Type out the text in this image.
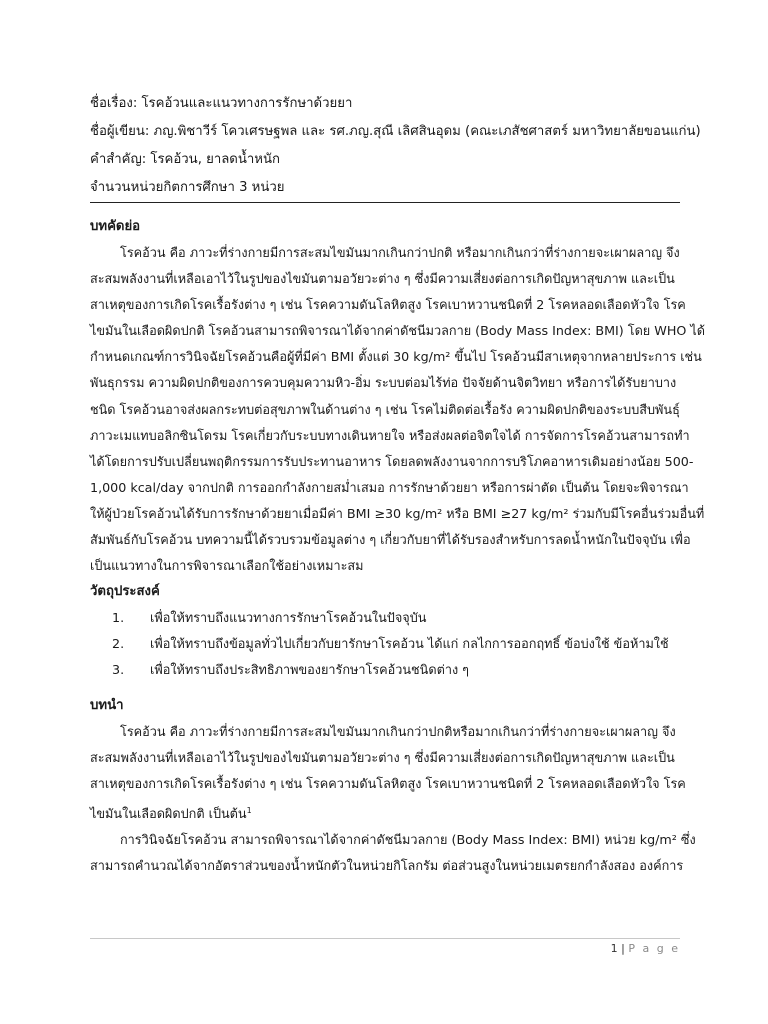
ชื่อเรื่อง: โรคอ้วนและแนวทางการรักษาด้วยยา
ชื่อผู้เขียน: ภญ.พิชาวีร์ โควเศรษฐพล และ รศ.ภญ.สุณี เลิศสินอุดม (คณะเภสัชศาสตร์ มหาวิทยาลัยขอนแก่น)
คำสำคัญ: โรคอ้วน, ยาลดน้ำหนัก
จำนวนหน่วยกิตการศึกษา 3 หน่วย
บทคัดย่อ

โรคอ้วน คือ ภาวะที่ร่างกายมีการสะสมไขมันมากเกินกว่าปกติ หรือมากเกินกว่าที่ร่างกายจะเผาผลาญ จึง
สะสมพลังงานที่เหลือเอาไว้ในรูปของไขมันตามอวัยวะต่าง ๆ ซึ่งมีความเสี่ยงต่อการเกิดปัญหาสุขภาพ และเป็น
สาเหตุของการเกิดโรคเรื้อรังต่าง ๆ เช่น โรคความดันโลหิตสูง โรคเบาหวานชนิดที่ 2 โรคหลอดเลือดหัวใจ โรค
ไขมันในเลือดผิดปกติ โรคอ้วนสามารถพิจารณาได้จากค่าดัชนีมวลกาย (Body Mass Index: BMI) โดย WHO ได้
กำหนดเกณฑ์การวินิจฉัยโรคอ้วนคือผู้ที่มีค่า BMI ตั้งแต่ 30 kg/m² ขึ้นไป โรคอ้วนมีสาเหตุจากหลายประการ เช่น
พันธุกรรม ความผิดปกติของการควบคุมความหิว-อิ่ม ระบบต่อมไร้ท่อ ปัจจัยด้านจิตวิทยา หรือการได้รับยาบาง
ชนิด โรคอ้วนอาจส่งผลกระทบต่อสุขภาพในด้านต่าง ๆ เช่น โรคไม่ติดต่อเรื้อรัง ความผิดปกติของระบบสืบพันธุ์
ภาวะเมแทบอลิกซินโดรม โรคเกี่ยวกับระบบทางเดินหายใจ หรือส่งผลต่อจิตใจได้ การจัดการโรคอ้วนสามารถทำ
ได้โดยการปรับเปลี่ยนพฤติกรรมการรับประทานอาหาร โดยลดพลังงานจากการบริโภคอาหารเดิมอย่างน้อย 500-
1,000 kcal/day จากปกติ การออกกำลังกายสม่ำเสมอ การรักษาด้วยยา หรือการผ่าตัด เป็นต้น โดยจะพิจารณา
ให้ผู้ป่วยโรคอ้วนได้รับการรักษาด้วยยาเมื่อมีค่า BMI ≥30 kg/m² หรือ BMI ≥27 kg/m² ร่วมกับมีโรคอื่นร่วมอื่นที่
สัมพันธ์กับโรคอ้วน บทความนี้ได้รวบรวมข้อมูลต่าง ๆ เกี่ยวกับยาที่ได้รับรองสำหรับการลดน้ำหนักในปัจจุบัน เพื่อ
เป็นแนวทางในการพิจารณาเลือกใช้อย่างเหมาะสม

วัตถุประสงค์
1. เพื่อให้ทราบถึงแนวทางการรักษาโรคอ้วนในปัจจุบัน
2. เพื่อให้ทราบถึงข้อมูลทั่วไปเกี่ยวกับยารักษาโรคอ้วน ได้แก่ กลไกการออกฤทธิ์ ข้อบ่งใช้ ข้อห้ามใช้
3. เพื่อให้ทราบถึงประสิทธิภาพของยารักษาโรคอ้วนชนิดต่าง ๆ
บทนำ

โรคอ้วน คือ ภาวะที่ร่างกายมีการสะสมไขมันมากเกินกว่าปกติหรือมากเกินกว่าที่ร่างกายจะเผาผลาญ จึง
สะสมพลังงานที่เหลือเอาไว้ในรูปของไขมันตามอวัยวะต่าง ๆ ซึ่งมีความเสี่ยงต่อการเกิดปัญหาสุขภาพ และเป็น
สาเหตุของการเกิดโรคเรื้อรังต่าง ๆ เช่น โรคความดันโลหิตสูง โรคเบาหวานชนิดที่ 2 โรคหลอดเลือดหัวใจ โรค
ไขมันในเลือดผิดปกติ เป็นต้น$^1$

การวินิจฉัยโรคอ้วน สามารถพิจารณาได้จากค่าดัชนีมวลกาย (Body Mass Index: BMI) หน่วย kg/m² ซึ่ง
สามารถคำนวณได้จากอัตราส่วนของน้ำหนักตัวในหน่วยกิโลกรัม ต่อส่วนสูงในหน่วยเมตรยกกำลังสอง องค์การ

1 | P a g e
